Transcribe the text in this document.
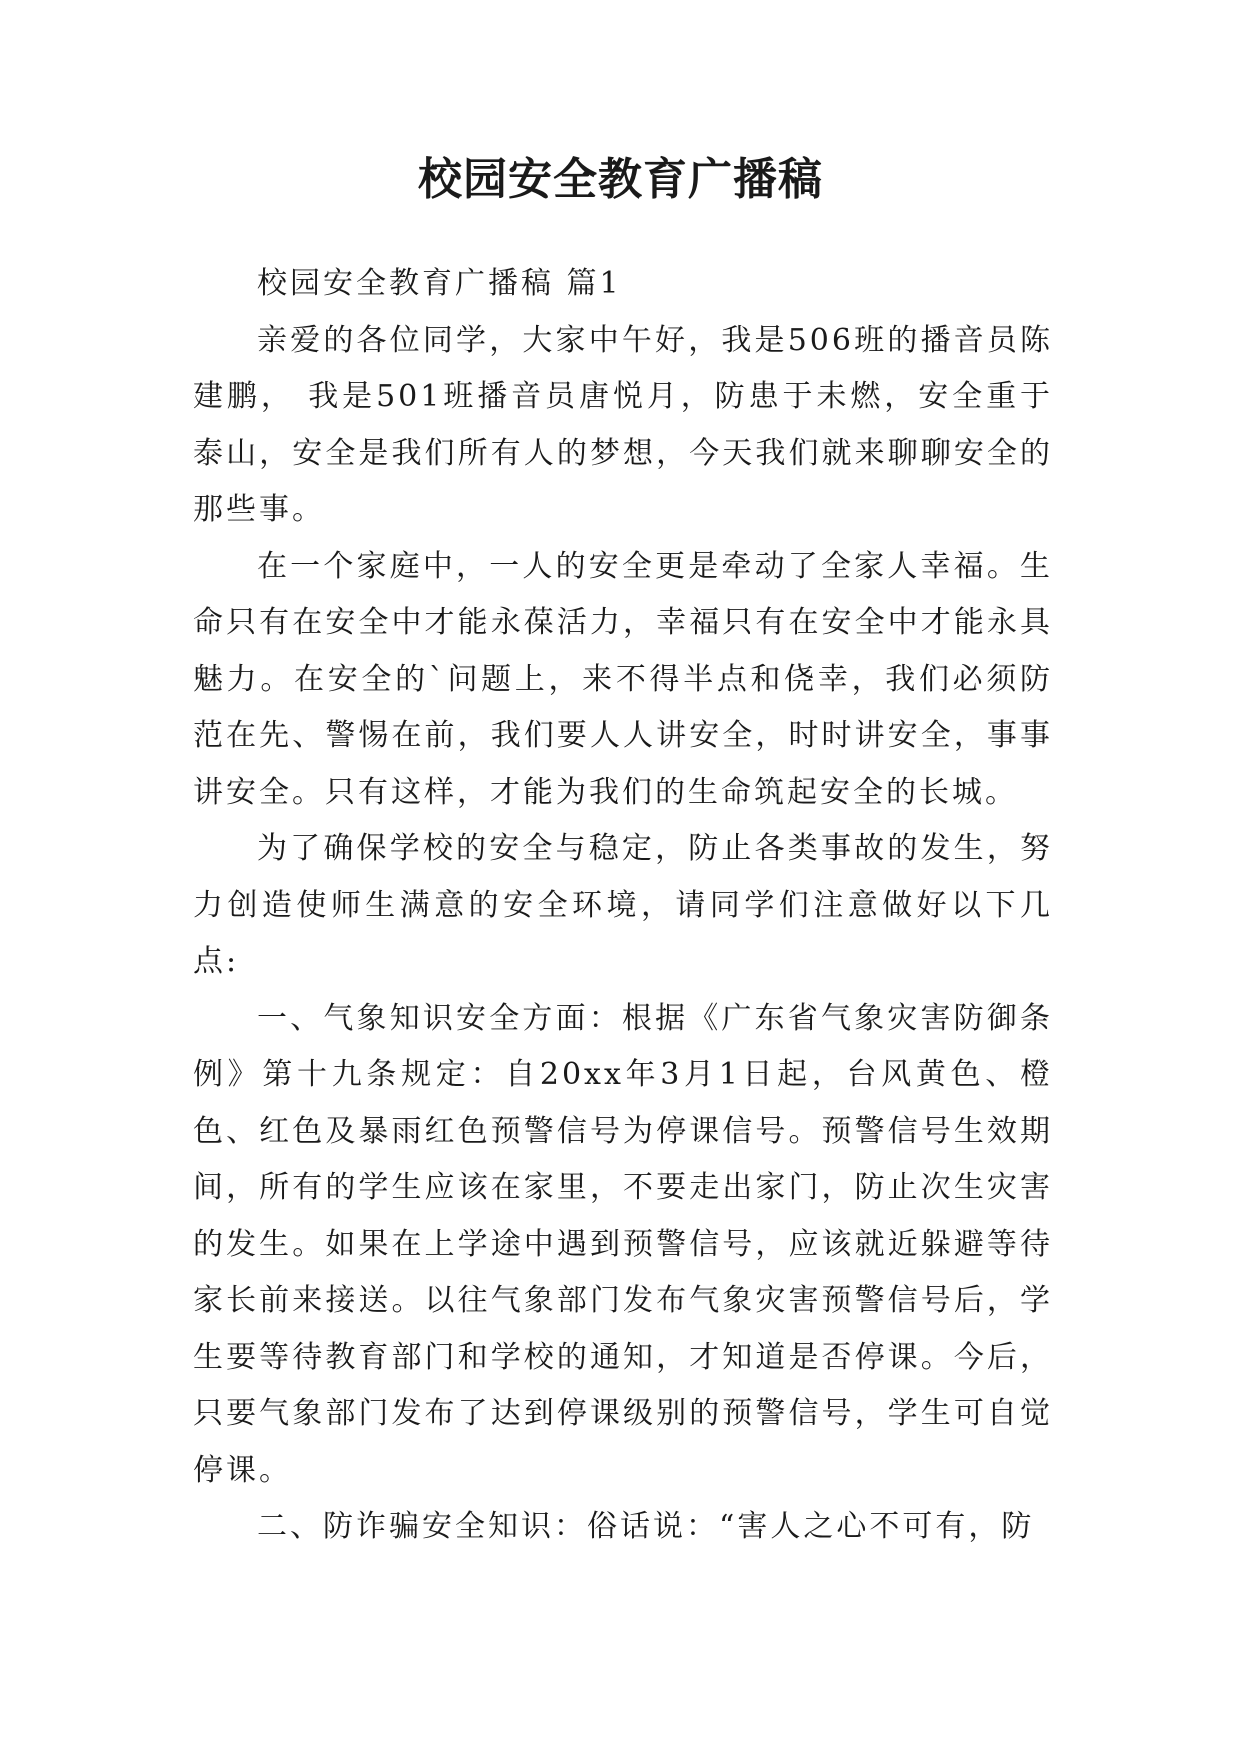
校园安全教育广播稿

校园安全教育广播稿 篇1

亲爱的各位同学，大家中午好，我是506班的播音员陈建鹏， 我是501班播音员唐悦月，防患于未燃，安全重于泰山，安全是我们所有人的梦想，今天我们就来聊聊安全的那些事。

在一个家庭中，一人的安全更是牵动了全家人幸福。生命只有在安全中才能永葆活力，幸福只有在安全中才能永具魅力。在安全的`问题上，来不得半点和侥幸，我们必须防范在先、警惕在前，我们要人人讲安全，时时讲安全，事事讲安全。只有这样，才能为我们的生命筑起安全的长城。

为了确保学校的安全与稳定，防止各类事故的发生，努力创造使师生满意的安全环境，请同学们注意做好以下几点:

一、气象知识安全方面：根据《广东省气象灾害防御条例》第十九条规定：自20xx年3月1日起，台风黄色、橙色、红色及暴雨红色预警信号为停课信号。预警信号生效期间，所有的学生应该在家里，不要走出家门，防止次生灾害的发生。如果在上学途中遇到预警信号，应该就近躲避等待家长前来接送。以往气象部门发布气象灾害预警信号后，学生要等待教育部门和学校的通知，才知道是否停课。今后，只要气象部门发布了达到停课级别的预警信号，学生可自觉停课。

二、防诈骗安全知识：俗话说：“害人之心不可有，防
